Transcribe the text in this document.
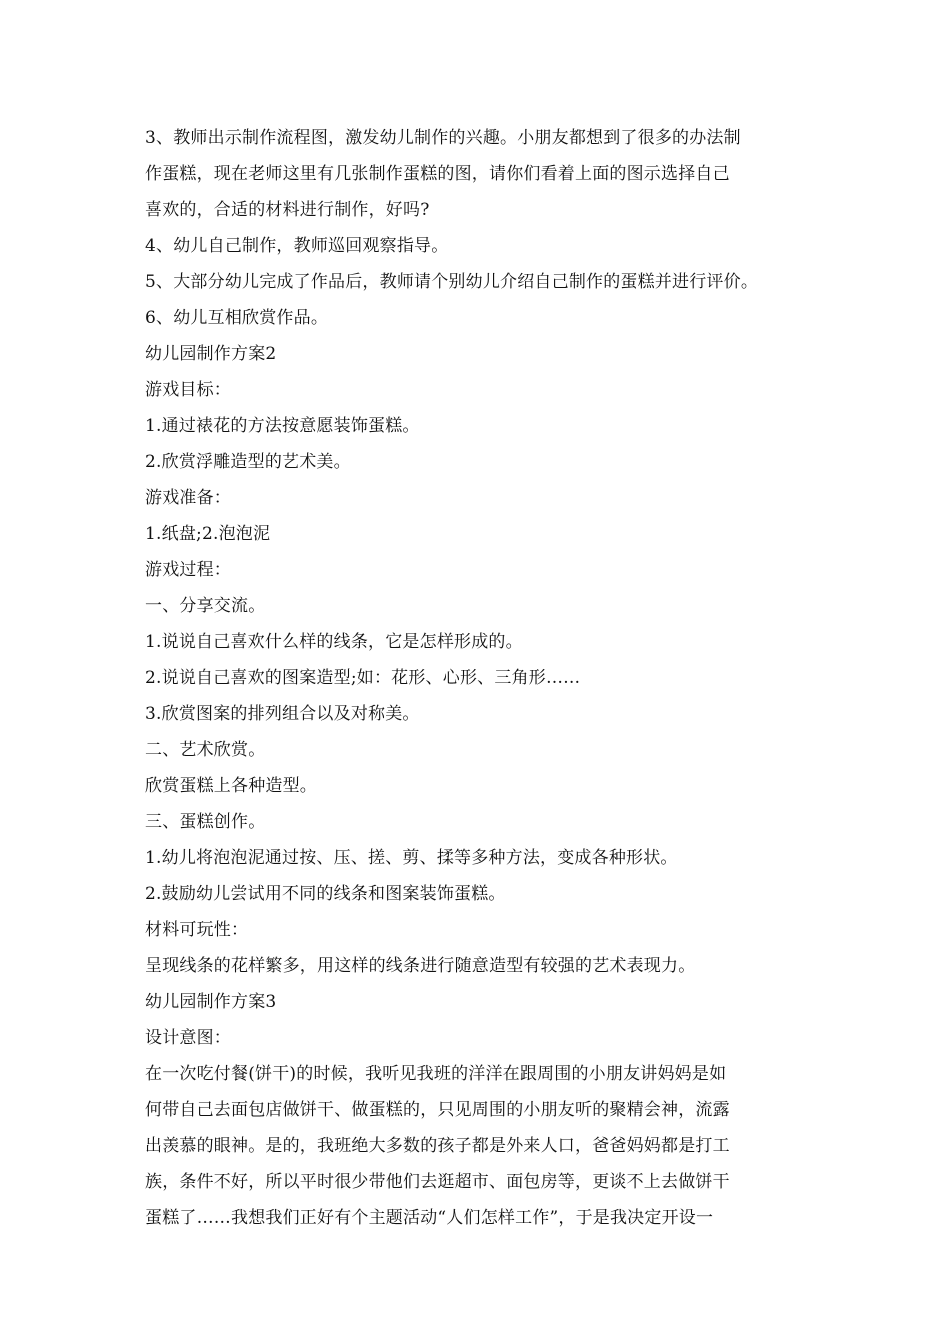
3、教师出示制作流程图，激发幼儿制作的兴趣。小朋友都想到了很多的办法制

作蛋糕，现在老师这里有几张制作蛋糕的图，请你们看着上面的图示选择自己

喜欢的，合适的材料进行制作，好吗?

4、幼儿自己制作，教师巡回观察指导。

5、大部分幼儿完成了作品后，教师请个别幼儿介绍自己制作的蛋糕并进行评价。

6、幼儿互相欣赏作品。

幼儿园制作方案2

游戏目标：

1.通过裱花的方法按意愿装饰蛋糕。

2.欣赏浮雕造型的艺术美。

游戏准备：

1.纸盘;2.泡泡泥

游戏过程：

一、分享交流。

1.说说自己喜欢什么样的线条，它是怎样形成的。

2.说说自己喜欢的图案造型;如：花形、心形、三角形……

3.欣赏图案的排列组合以及对称美。

二、艺术欣赏。

欣赏蛋糕上各种造型。

三、蛋糕创作。

1.幼儿将泡泡泥通过按、压、搓、剪、揉等多种方法，变成各种形状。

2.鼓励幼儿尝试用不同的线条和图案装饰蛋糕。

材料可玩性：

呈现线条的花样繁多，用这样的线条进行随意造型有较强的艺术表现力。

幼儿园制作方案3

设计意图：

在一次吃付餐(饼干)的时候，我听见我班的洋洋在跟周围的小朋友讲妈妈是如

何带自己去面包店做饼干、做蛋糕的，只见周围的小朋友听的聚精会神，流露

出羡慕的眼神。是的，我班绝大多数的孩子都是外来人口，爸爸妈妈都是打工

族，条件不好，所以平时很少带他们去逛超市、面包房等，更谈不上去做饼干

蛋糕了……我想我们正好有个主题活动“人们怎样工作”，于是我决定开设一
